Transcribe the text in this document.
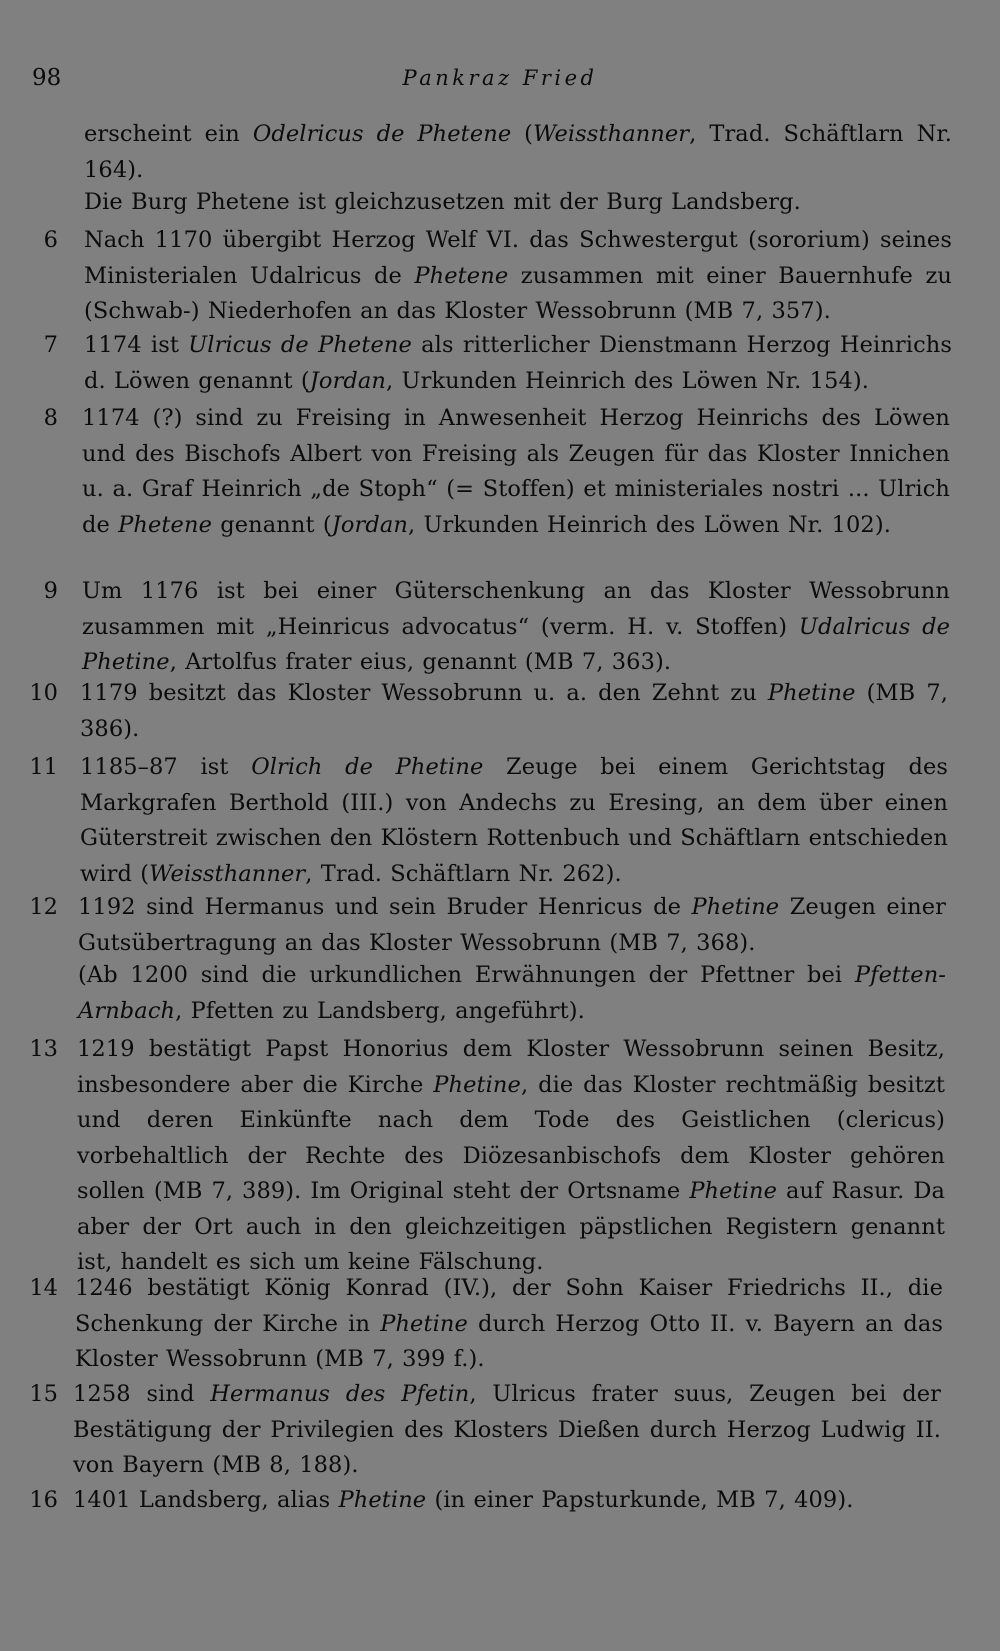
98	Pankraz Fried
erscheint ein Odelricus de Phetene (Weissthanner, Trad. Schäftlarn Nr. 164).
Die Burg Phetene ist gleichzusetzen mit der Burg Landsberg.
6 Nach 1170 übergibt Herzog Welf VI. das Schwestergut (sororium) seines Ministerialen Udalricus de Phetene zusammen mit einer Bauernhufe zu (Schwab-) Niederhofen an das Kloster Wessobrunn (MB 7, 357).
7 1174 ist Ulricus de Phetene als ritterlicher Dienstmann Herzog Heinrichs d. Löwen genannt (Jordan, Urkunden Heinrich des Löwen Nr. 154).
8 1174 (?) sind zu Freising in Anwesenheit Herzog Heinrichs des Löwen und des Bischofs Albert von Freising als Zeugen für das Kloster Innichen u. a. Graf Heinrich „de Stoph“ (= Stoffen) et ministeriales nostri ... Ulrich de Phetene genannt (Jordan, Urkunden Heinrich des Löwen Nr. 102).
9 Um 1176 ist bei einer Güterschenkung an das Kloster Wessobrunn zusammen mit „Heinricus advocatus“ (verm. H. v. Stoffen) Udalricus de Phetine, Artolfus frater eius, genannt (MB 7, 363).
10 1179 besitzt das Kloster Wessobrunn u. a. den Zehnt zu Phetine (MB 7, 386).
11 1185–87 ist Olrich de Phetine Zeuge bei einem Gerichtstag des Markgrafen Berthold (III.) von Andechs zu Eresing, an dem über einen Güterstreit zwischen den Klöstern Rottenbuch und Schäftlarn entschieden wird (Weissthanner, Trad. Schäftlarn Nr. 262).
12 1192 sind Hermanus und sein Bruder Henricus de Phetine Zeugen einer Gutsübertragung an das Kloster Wessobrunn (MB 7, 368).
(Ab 1200 sind die urkundlichen Erwähnungen der Pfettner bei Pfetten-Arnbach, Pfetten zu Landsberg, angeführt).
13 1219 bestätigt Papst Honorius dem Kloster Wessobrunn seinen Besitz, insbesondere aber die Kirche Phetine, die das Kloster rechtmäßig besitzt und deren Einkünfte nach dem Tode des Geistlichen (clericus) vorbehaltlich der Rechte des Diözesanbischofs dem Kloster gehören sollen (MB 7, 389). Im Original steht der Ortsname Phetine auf Rasur. Da aber der Ort auch in den gleichzeitigen päpstlichen Registern genannt ist, handelt es sich um keine Fälschung.
14 1246 bestätigt König Konrad (IV.), der Sohn Kaiser Friedrichs II., die Schenkung der Kirche in Phetine durch Herzog Otto II. v. Bayern an das Kloster Wessobrunn (MB 7, 399 f.).
15 1258 sind Hermanus des Pfetin, Ulricus frater suus, Zeugen bei der Bestätigung der Privilegien des Klosters Dießen durch Herzog Ludwig II. von Bayern (MB 8, 188).
16 1401 Landsberg, alias Phetine (in einer Papsturkunde, MB 7, 409).
